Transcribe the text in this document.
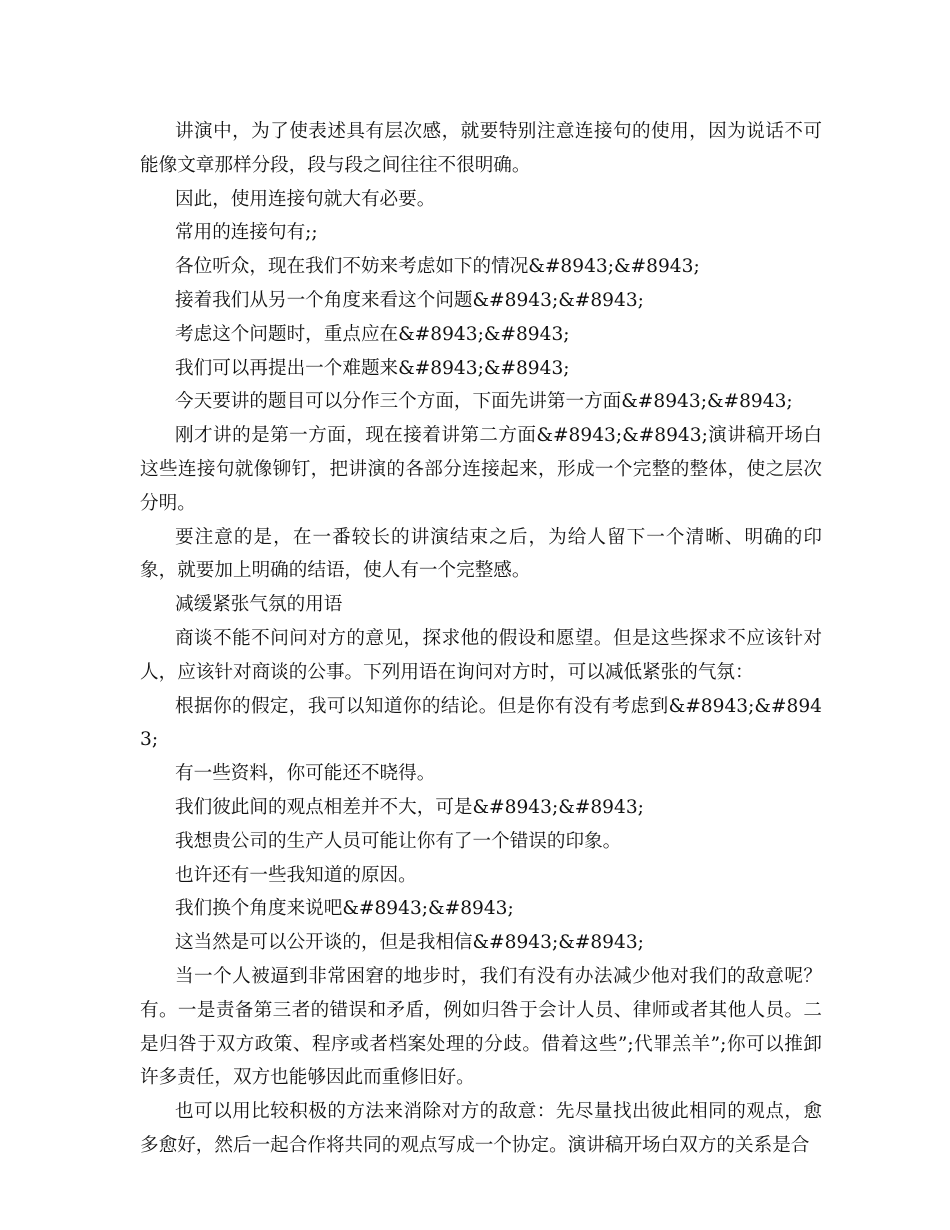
讲演中，为了使表述具有层次感，就要特别注意连接句的使用，因为说话不可能像文章那样分段，段与段之间往往不很明确。

因此，使用连接句就大有必要。

常用的连接句有;;

各位听众，现在我们不妨来考虑如下的情况&#8943;&#8943;

接着我们从另一个角度来看这个问题&#8943;&#8943;

考虑这个问题时，重点应在&#8943;&#8943;

我们可以再提出一个难题来&#8943;&#8943;

今天要讲的题目可以分作三个方面，下面先讲第一方面&#8943;&#8943;

刚才讲的是第一方面，现在接着讲第二方面&#8943;&#8943;演讲稿开场白这些连接句就像铆钉，把讲演的各部分连接起来，形成一个完整的整体，使之层次分明。

要注意的是，在一番较长的讲演结束之后，为给人留下一个清晰、明确的印象，就要加上明确的结语，使人有一个完整感。

减缓紧张气氛的用语

商谈不能不问问对方的意见，探求他的假设和愿望。但是这些探求不应该针对人，应该针对商谈的公事。下列用语在询问对方时，可以减低紧张的气氛：

根据你的假定，我可以知道你的结论。但是你有没有考虑到&#8943;&#8943;

有一些资料，你可能还不晓得。

我们彼此间的观点相差并不大，可是&#8943;&#8943;

我想贵公司的生产人员可能让你有了一个错误的印象。

也许还有一些我知道的原因。

我们换个角度来说吧&#8943;&#8943;

这当然是可以公开谈的，但是我相信&#8943;&#8943;

当一个人被逼到非常困窘的地步时，我们有没有办法减少他对我们的敌意呢？有。一是责备第三者的错误和矛盾，例如归咎于会计人员、律师或者其他人员。二是归咎于双方政策、程序或者档案处理的分歧。借着这些”;代罪羔羊”;你可以推卸许多责任，双方也能够因此而重修旧好。

也可以用比较积极的方法来消除对方的敌意：先尽量找出彼此相同的观点，愈多愈好，然后一起合作将共同的观点写成一个协定。演讲稿开场白双方的关系是合
